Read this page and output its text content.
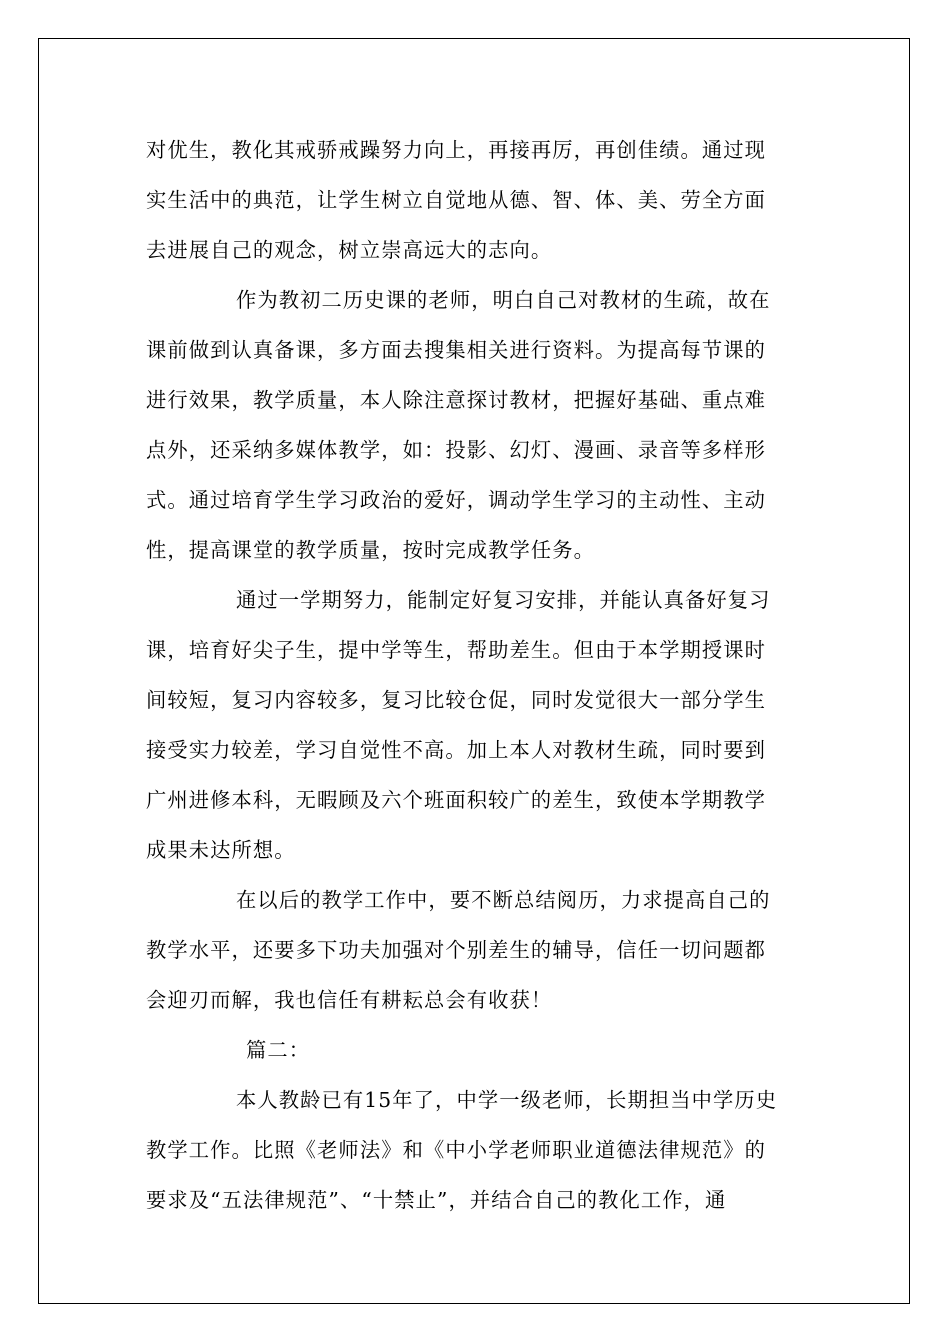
对优生，教化其戒骄戒躁努力向上，再接再厉，再创佳绩。通过现
实生活中的典范，让学生树立自觉地从德、智、体、美、劳全方面
去进展自己的观念，树立崇高远大的志向。
作为教初二历史课的老师，明白自己对教材的生疏，故在
课前做到认真备课，多方面去搜集相关进行资料。为提高每节课的
进行效果，教学质量，本人除注意探讨教材，把握好基础、重点难
点外，还采纳多媒体教学，如：投影、幻灯、漫画、录音等多样形
式。通过培育学生学习政治的爱好，调动学生学习的主动性、主动
性，提高课堂的教学质量，按时完成教学任务。
通过一学期努力，能制定好复习安排，并能认真备好复习
课，培育好尖子生，提中学等生，帮助差生。但由于本学期授课时
间较短，复习内容较多，复习比较仓促，同时发觉很大一部分学生
接受实力较差，学习自觉性不高。加上本人对教材生疏，同时要到
广州进修本科，无暇顾及六个班面积较广的差生，致使本学期教学
成果未达所想。
在以后的教学工作中，要不断总结阅历，力求提高自己的
教学水平，还要多下功夫加强对个别差生的辅导，信任一切问题都
会迎刃而解，我也信任有耕耘总会有收获！
篇二：
本人教龄已有15年了，中学一级老师，长期担当中学历史
教学工作。比照《老师法》和《中小学老师职业道德法律规范》的
要求及“五法律规范”、“十禁止”，并结合自己的教化工作，通
